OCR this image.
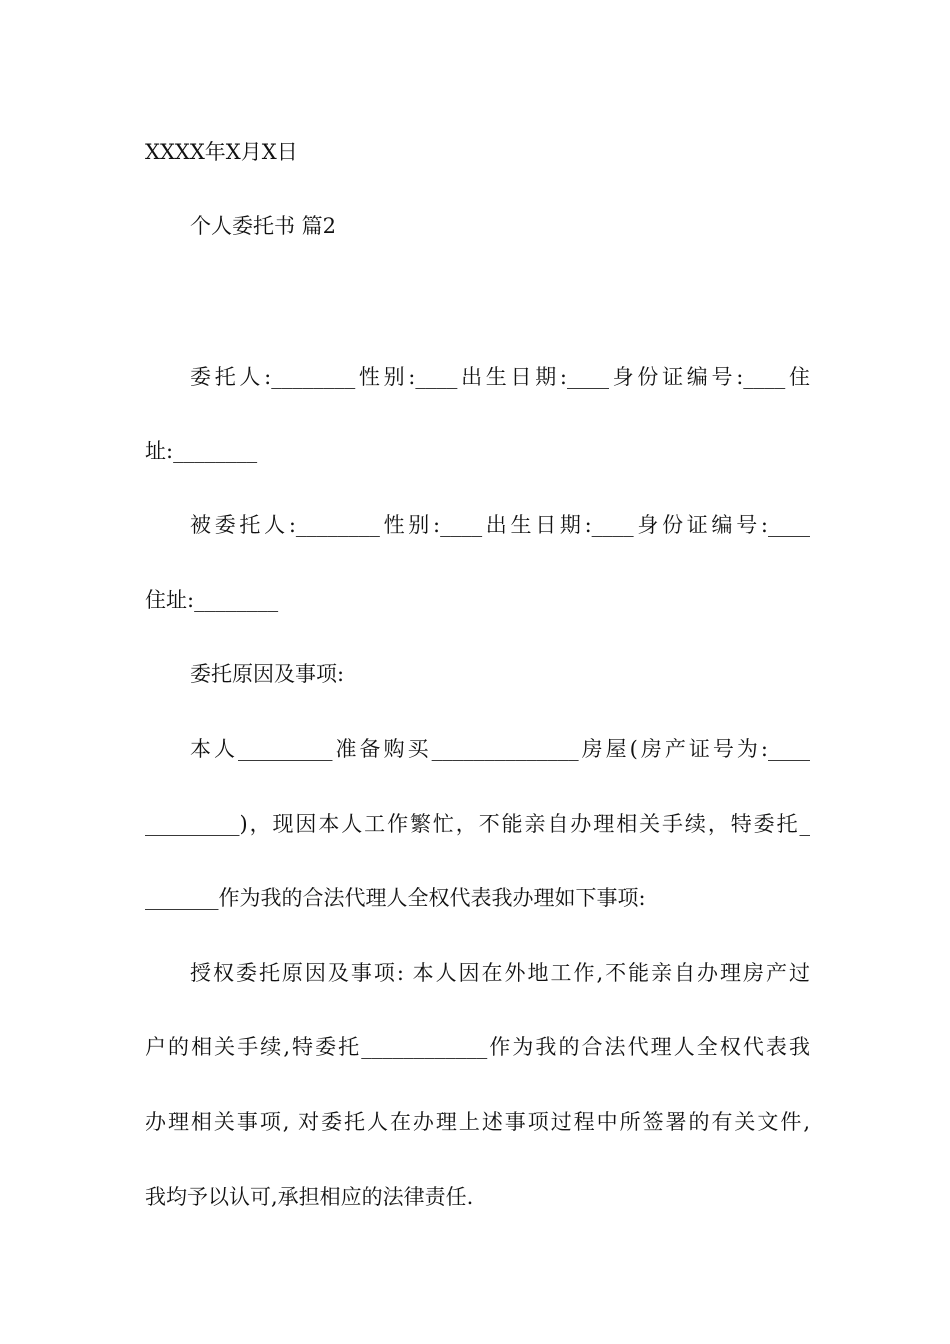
XXXX年X月X日
个人委托书 篇2
委托人:________性别:____出生日期:____身份证编号:____住
址:________
被委托人:________性别:____出生日期:____身份证编号:____
住址:________
委托原因及事项:
本人_________准备购买______________房屋(房产证号为:____
_________)，现因本人工作繁忙，不能亲自办理相关手续，特委托_
_______作为我的合法代理人全权代表我办理如下事项:
授权委托原因及事项: 本人因在外地工作,不能亲自办理房产过
户的相关手续,特委托____________作为我的合法代理人全权代表我
办理相关事项, 对委托人在办理上述事项过程中所签署的有关文件,
我均予以认可,承担相应的法律责任.
